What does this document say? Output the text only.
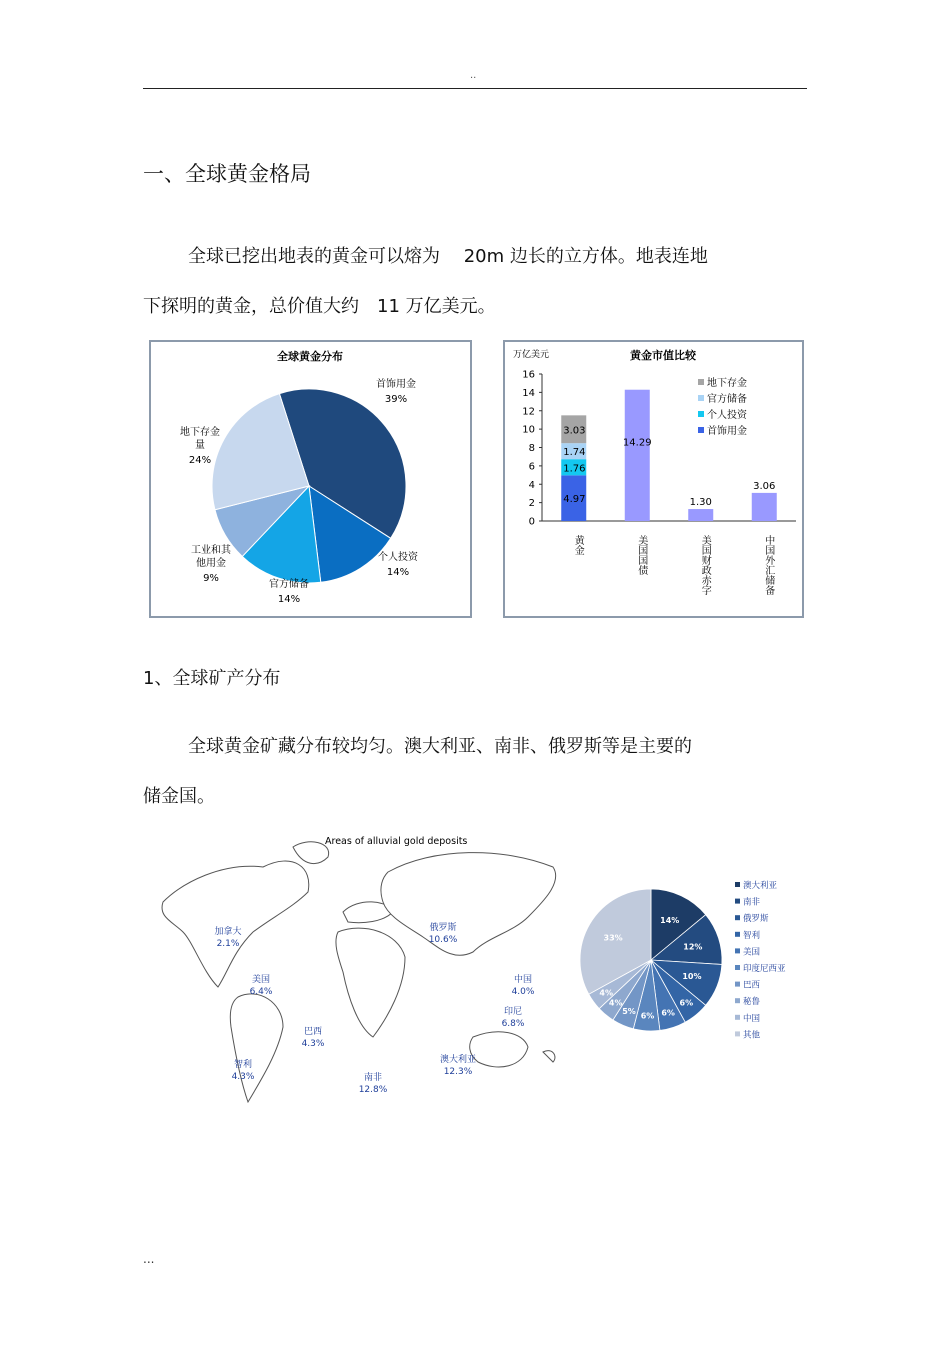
..
一、全球黄金格局
全球已挖出地表的黄金可以熔为　 20m 边长的立方体。地表连地
下探明的黄金，总价值大约　11 万亿美元。
全球黄金分布
首饰用金
39%
个人投资
14%
官方储备
14%
工业和其
他用金
9%
地下存金
量
24%
万亿美元	黄金市值比较
0
2
4
6
8
10
12
14
16
4.97
1.76
1.74
3.03
14.29
1.30
3.06
黄金	美国国债	美国财政赤字	中国外汇储备
地下存金
官方储备
个人投资
首饰用金
1、全球矿产分布
全球黄金矿藏分布较均匀。澳大利亚、南非、俄罗斯等是主要的
储金国。
Areas of alluvial gold deposits
加拿大
2.1%
美国
6.4%
智利
4.3%
巴西
4.3%
南非
12.8%
俄罗斯
10.6%
中国
4.0%
印尼
6.8%
澳大利亚
12.3%
14%
12%
10%
6%
6%
6%
5%
4%
4%
33%
澳大利亚
南非
俄罗斯
智利
美国
印度尼西亚
巴西
秘鲁
中国
其他
...
